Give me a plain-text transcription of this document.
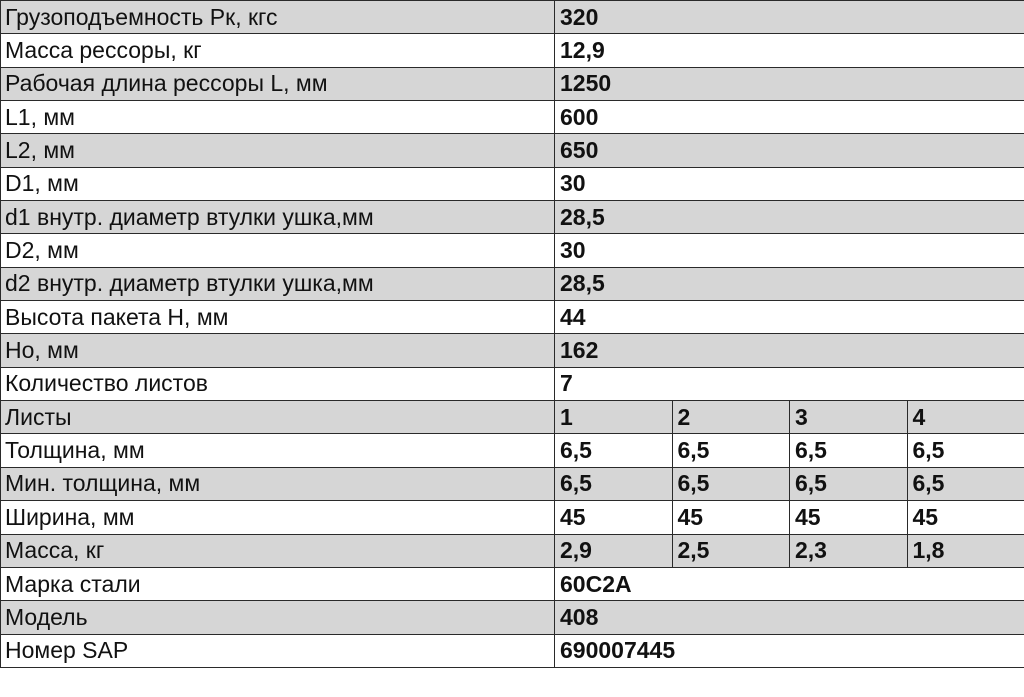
Грузоподъемность Рк, кгс	320			
Масса рессоры, кг	12,9			
Рабочая длина рессоры L, мм	1250			
L1, мм	600			
L2, мм	650			
D1, мм	30			
d1 внутр. диаметр втулки ушка,мм	28,5			
D2, мм	30			
d2 внутр. диаметр втулки ушка,мм	28,5			
Высота пакета Н, мм	44			
Но, мм	162			
Количество листов	7			
Листы	1	2	3	4
Толщина, мм	6,5	6,5	6,5	6,5
Мин. толщина, мм	6,5	6,5	6,5	6,5
Ширина, мм	45	45	45	45
Масса, кг	2,9	2,5	2,3	1,8
Марка стали	60С2А			
Модель	408			
Номер SAP	690007445			
